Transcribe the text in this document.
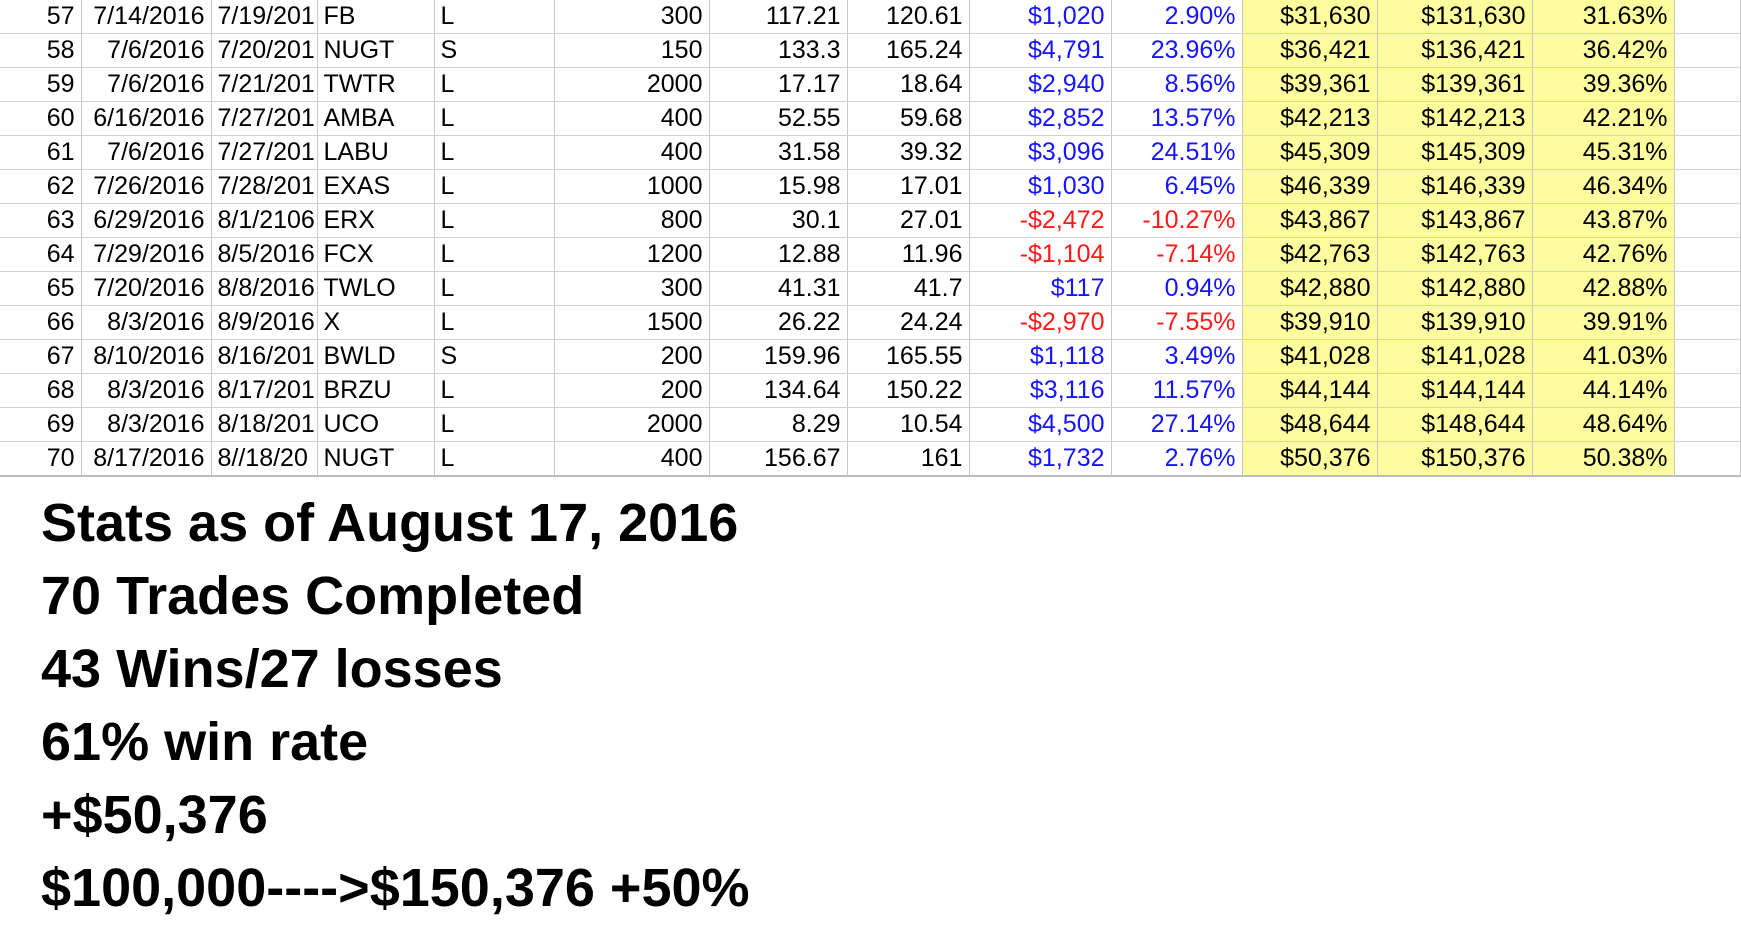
57	7/14/2016	7/19/201	FB	L	300	117.21	120.61	$1,020	2.90%	$31,630	$131,630	31.63%	
58	7/6/2016	7/20/201	NUGT	S	150	133.3	165.24	$4,791	23.96%	$36,421	$136,421	36.42%	
59	7/6/2016	7/21/201	TWTR	L	2000	17.17	18.64	$2,940	8.56%	$39,361	$139,361	39.36%	
60	6/16/2016	7/27/201	AMBA	L	400	52.55	59.68	$2,852	13.57%	$42,213	$142,213	42.21%	
61	7/6/2016	7/27/201	LABU	L	400	31.58	39.32	$3,096	24.51%	$45,309	$145,309	45.31%	
62	7/26/2016	7/28/201	EXAS	L	1000	15.98	17.01	$1,030	6.45%	$46,339	$146,339	46.34%	
63	6/29/2016	8/1/2106	ERX	L	800	30.1	27.01	-$2,472	-10.27%	$43,867	$143,867	43.87%	
64	7/29/2016	8/5/2016	FCX	L	1200	12.88	11.96	-$1,104	-7.14%	$42,763	$142,763	42.76%	
65	7/20/2016	8/8/2016	TWLO	L	300	41.31	41.7	$117	0.94%	$42,880	$142,880	42.88%	
66	8/3/2016	8/9/2016	X	L	1500	26.22	24.24	-$2,970	-7.55%	$39,910	$139,910	39.91%	
67	8/10/2016	8/16/201	BWLD	S	200	159.96	165.55	$1,118	3.49%	$41,028	$141,028	41.03%	
68	8/3/2016	8/17/201	BRZU	L	200	134.64	150.22	$3,116	11.57%	$44,144	$144,144	44.14%	
69	8/3/2016	8/18/201	UCO	L	2000	8.29	10.54	$4,500	27.14%	$48,644	$148,644	48.64%	
70	8/17/2016	8//18/20	NUGT	L	400	156.67	161	$1,732	2.76%	$50,376	$150,376	50.38%	
Stats as of August 17, 2016
70 Trades Completed
43 Wins/27 losses
61% win rate
+$50,376
$100,000---->$150,376 +50%
